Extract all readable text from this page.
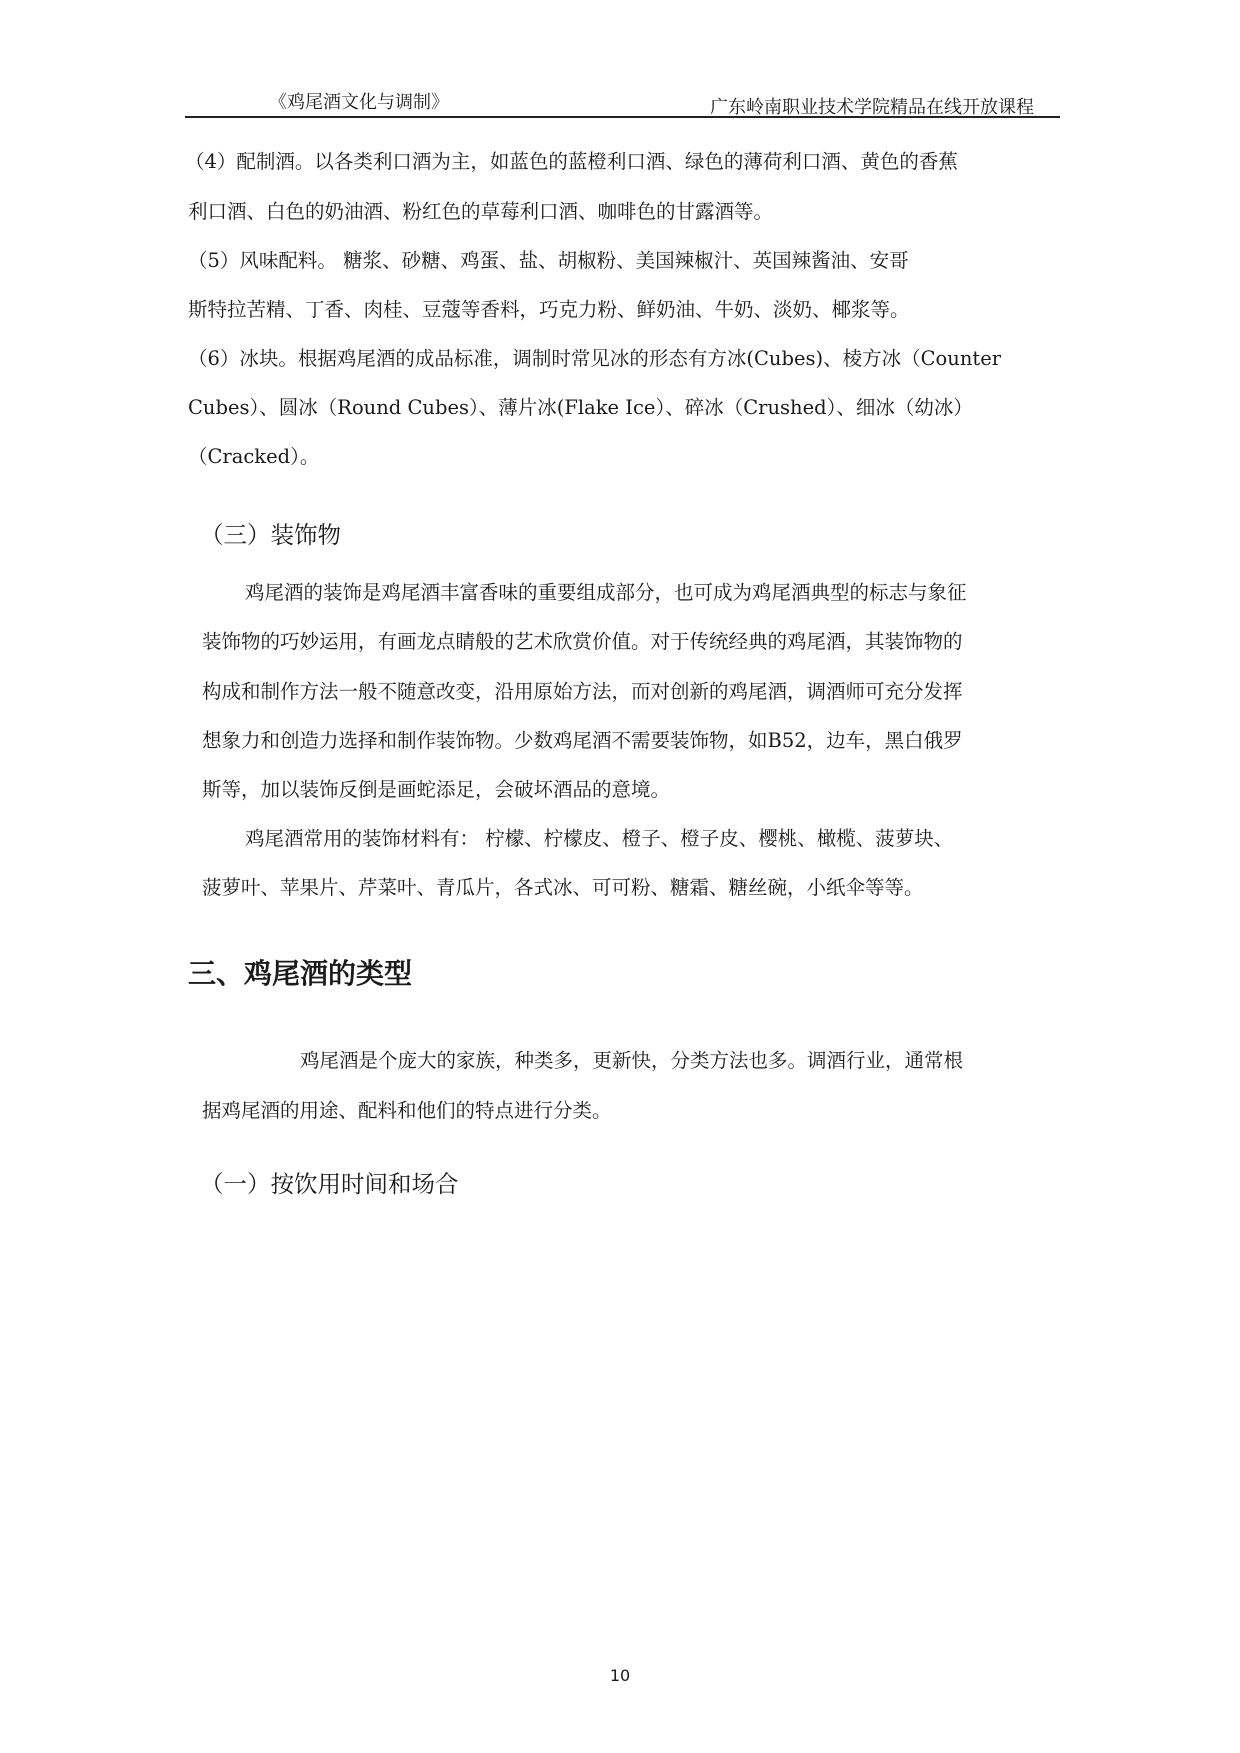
《鸡尾酒文化与调制》	广东岭南职业技术学院精品在线开放课程
（4）配制酒。以各类利口酒为主，如蓝色的蓝橙利口酒、绿色的薄荷利口酒、黄色的香蕉
利口酒、白色的奶油酒、粉红色的草莓利口酒、咖啡色的甘露酒等。
（5）风味配料。 糖浆、砂糖、鸡蛋、盐、胡椒粉、美国辣椒汁、英国辣酱油、安哥
斯特拉苦精、丁香、肉桂、豆蔻等香料，巧克力粉、鲜奶油、牛奶、淡奶、椰浆等。
（6）冰块。根据鸡尾酒的成品标准，调制时常见冰的形态有方冰(Cubes)、棱方冰（Counter
Cubes）、圆冰（Round Cubes）、薄片冰(Flake Ice）、碎冰（Crushed）、细冰（幼冰）
（Cracked）。
（三）装饰物
鸡尾酒的装饰是鸡尾酒丰富香味的重要组成部分，也可成为鸡尾酒典型的标志与象征
装饰物的巧妙运用，有画龙点睛般的艺术欣赏价值。对于传统经典的鸡尾酒，其装饰物的
构成和制作方法一般不随意改变，沿用原始方法，而对创新的鸡尾酒，调酒师可充分发挥
想象力和创造力选择和制作装饰物。少数鸡尾酒不需要装饰物，如B52，边车，黑白俄罗
斯等，加以装饰反倒是画蛇添足，会破坏酒品的意境。
鸡尾酒常用的装饰材料有： 柠檬、柠檬皮、橙子、橙子皮、樱桃、橄榄、菠萝块、
菠萝叶、苹果片、芹菜叶、青瓜片，各式冰、可可粉、糖霜、糖丝碗，小纸伞等等。
三、鸡尾酒的类型
鸡尾酒是个庞大的家族，种类多，更新快，分类方法也多。调酒行业，通常根
据鸡尾酒的用途、配料和他们的特点进行分类。
（一）按饮用时间和场合
10
